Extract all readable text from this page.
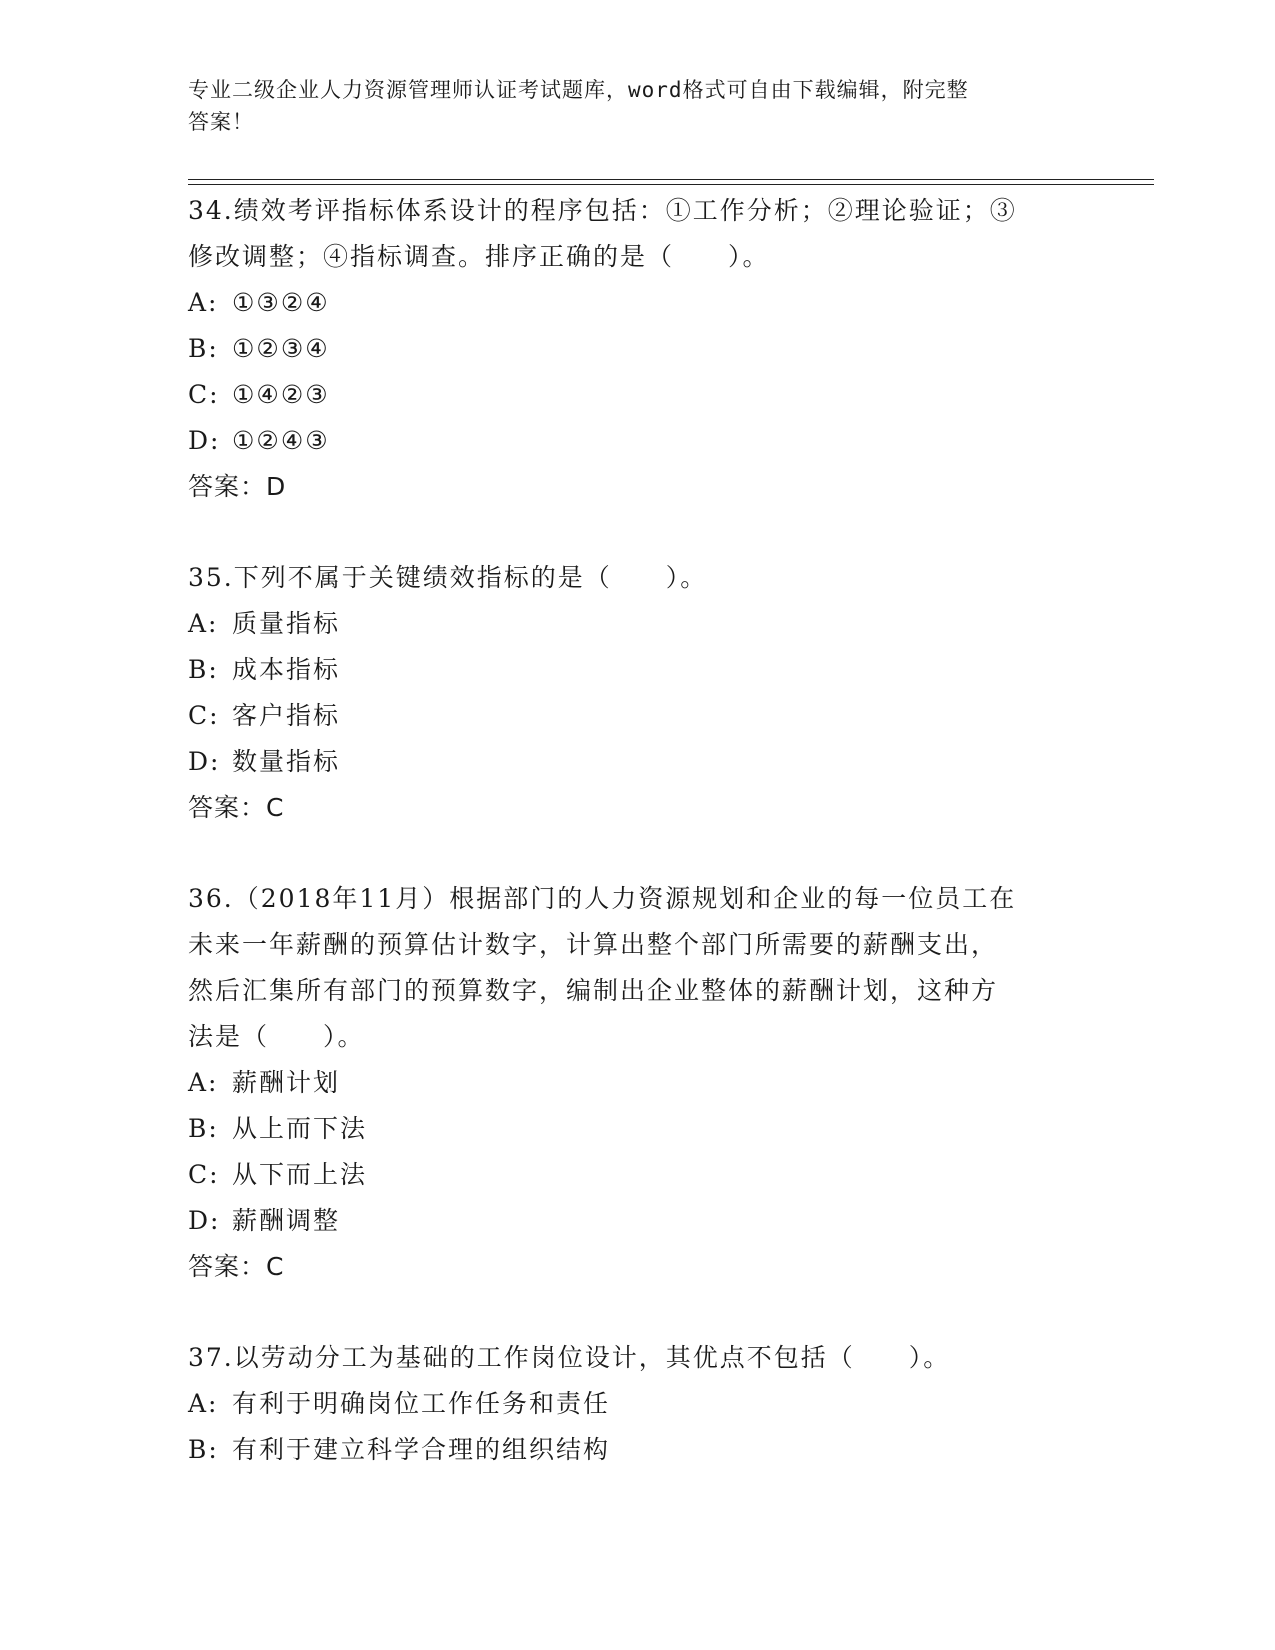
专业二级企业人力资源管理师认证考试题库，word格式可自由下载编辑，附完整
答案！
34.绩效考评指标体系设计的程序包括：①工作分析；②理论验证；③
修改调整；④指标调查。排序正确的是（　　）。
A: ①③②④
B: ①②③④
C: ①④②③
D: ①②④③
答案：D
35.下列不属于关键绩效指标的是（　　）。
A: 质量指标
B: 成本指标
C: 客户指标
D: 数量指标
答案：C
36.（2018年11月）根据部门的人力资源规划和企业的每一位员工在
未来一年薪酬的预算估计数字，计算出整个部门所需要的薪酬支出，
然后汇集所有部门的预算数字，编制出企业整体的薪酬计划，这种方
法是（　　）。
A: 薪酬计划
B: 从上而下法
C: 从下而上法
D: 薪酬调整
答案：C
37.以劳动分工为基础的工作岗位设计，其优点不包括（　　）。
A: 有利于明确岗位工作任务和责任
B: 有利于建立科学合理的组织结构
